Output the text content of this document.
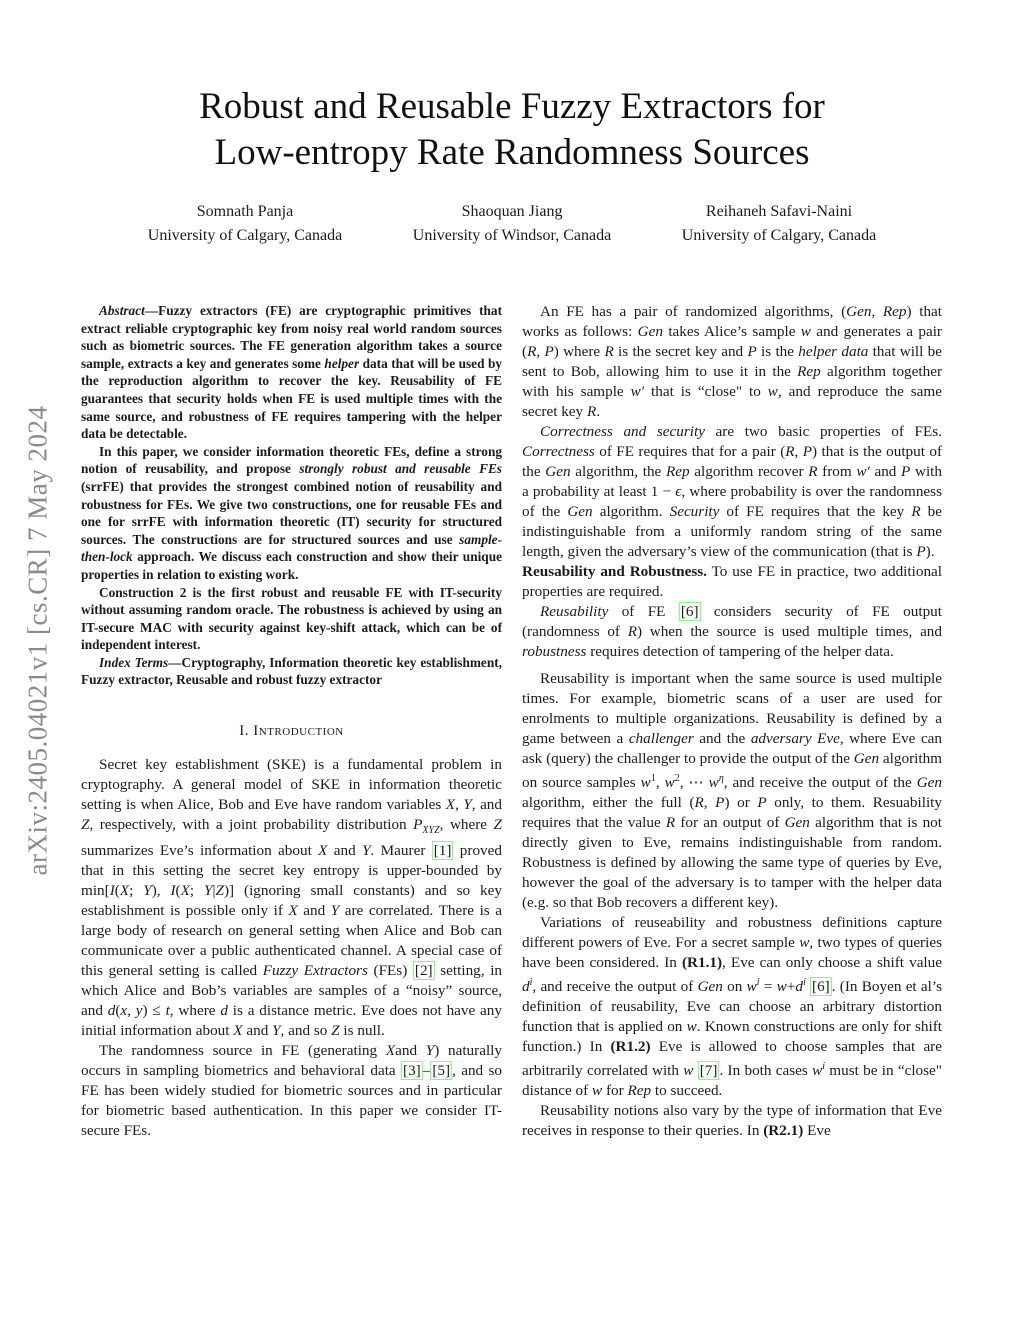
arXiv:2405.04021v1 [cs.CR] 7 May 2024
Robust and Reusable Fuzzy Extractors for
Low-entropy Rate Randomness Sources
Somnath Panja
University of Calgary, Canada
Shaoquan Jiang
University of Windsor, Canada
Reihaneh Safavi-Naini
University of Calgary, Canada

Abstract—Fuzzy extractors (FE) are cryptographic primitives that extract reliable cryptographic key from noisy real world random sources such as biometric sources. The FE generation algorithm takes a source sample, extracts a key and generates some helper data that will be used by the reproduction algorithm to recover the key. Reusability of FE guarantees that security holds when FE is used multiple times with the same source, and robustness of FE requires tampering with the helper data be detectable.

In this paper, we consider information theoretic FEs, define a strong notion of reusability, and propose strongly robust and reusable FEs (srrFE) that provides the strongest combined notion of reusability and robustness for FEs. We give two constructions, one for reusable FEs and one for srrFE with information theoretic (IT) security for structured sources. The constructions are for structured sources and use sample-then-lock approach. We discuss each construction and show their unique properties in relation to existing work.

Construction 2 is the first robust and reusable FE with IT-security without assuming random oracle. The robustness is achieved by using an IT-secure MAC with security against key-shift attack, which can be of independent interest.

Index Terms—Cryptography, Information theoretic key establishment, Fuzzy extractor, Reusable and robust fuzzy extractor

I. Introduction

Secret key establishment (SKE) is a fundamental problem in cryptography. A general model of SKE in information theoretic setting is when Alice, Bob and Eve have random variables X, Y, and Z, respectively, with a joint probability distribution $P_{XYZ}$, where Z summarizes Eve’s information about X and Y. Maurer [1] proved that in this setting the secret key entropy is upper-bounded by min[I(X; Y), I(X; Y|Z)] (ignoring small constants) and so key establishment is possible only if X and Y are correlated. There is a large body of research on general setting when Alice and Bob can communicate over a public authenticated channel. A special case of this general setting is called Fuzzy Extractors (FEs) [2] setting, in which Alice and Bob’s variables are samples of a “noisy” source, and d(x, y) ≤ t, where d is a distance metric. Eve does not have any initial information about X and Y, and so Z is null.

The randomness source in FE (generating Xand Y) naturally occurs in sampling biometrics and behavioral data [3] – [5] , and so FE has been widely studied for biometric sources and in particular for biometric based authentication. In this paper we consider IT-secure FEs.

An FE has a pair of randomized algorithms, (Gen, Rep) that works as follows: Gen takes Alice’s sample w and generates a pair (R, P) where R is the secret key and P is the helper data that will be sent to Bob, allowing him to use it in the Rep algorithm together with his sample w′ that is “close" to w, and reproduce the same secret key R.

Correctness and security are two basic properties of FEs. Correctness of FE requires that for a pair (R, P) that is the output of the Gen algorithm, the Rep algorithm recover R from w′ and P with a probability at least 1 − ϵ, where probability is over the randomness of the Gen algorithm. Security of FE requires that the key R be indistinguishable from a uniformly random string of the same length, given the adversary’s view of the communication (that is P).

Reusability and Robustness. To use FE in practice, two additional properties are required.

Reusability of FE [6] considers security of FE output (randomness of R) when the source is used multiple times, and robustness requires detection of tampering of the helper data.

Reusability is important when the same source is used multiple times. For example, biometric scans of a user are used for enrolments to multiple organizations. Reusability is defined by a game between a challenger and the adversary Eve, where Eve can ask (query) the challenger to provide the output of the Gen algorithm on source samples $w^1$, $w^2$, ⋯ $w^\eta$, and receive the output of the Gen algorithm, either the full (R, P) or P only, to them. Resuability requires that the value R for an output of Gen algorithm that is not directly given to Eve, remains indistinguishable from random. Robustness is defined by allowing the same type of queries by Eve, however the goal of the adversary is to tamper with the helper data (e.g. so that Bob recovers a different key).

Variations of reuseability and robustness definitions capture different powers of Eve. For a secret sample w, two types of queries have been considered. In (R1.1), Eve can only choose a shift value $d^i$, and receive the output of Gen on $w^i = w+d^i$ [6] . (In Boyen et al’s definition of reusability, Eve can choose an arbitrary distortion function that is applied on w. Known constructions are only for shift function.) In (R1.2) Eve is allowed to choose samples that are arbitrarily correlated with w [7] . In both cases $w^i$ must be in “close" distance of w for Rep to succeed.

Reusability notions also vary by the type of information that Eve receives in response to their queries. In (R2.1) Eve
